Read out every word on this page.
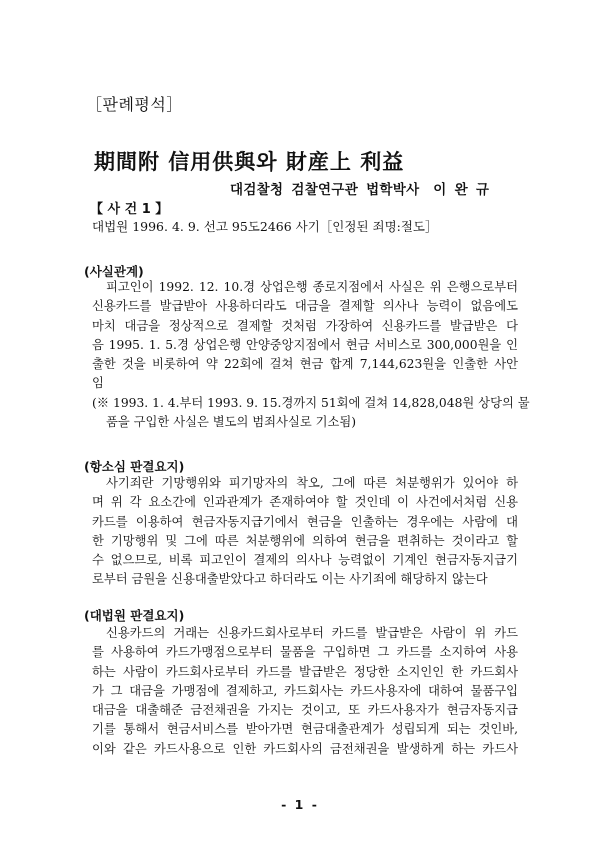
［판례평석］
期間附 信用供與와 財産上 利益
대검찰청 검찰연구관 법학박사　이 완 규
【 사 건 1 】
대법원 1996. 4. 9. 선고 95도2466 사기［인정된 죄명:절도］
(사실관계)
피고인이 1992. 12. 10.경 상업은행 종로지점에서 사실은 위 은행으로부터
신용카드를 발급받아 사용하더라도 대금을 결제할 의사나 능력이 없음에도
마치 대금을 정상적으로 결제할 것처럼 가장하여 신용카드를 발급받은 다
음 1995. 1. 5.경 상업은행 안양중앙지점에서 현금 서비스로 300,000원을 인
출한 것을 비롯하여 약 22회에 걸쳐 현금 합계 7,144,623원을 인출한 사안
임
(※ 1993. 1. 4.부터 1993. 9. 15.경까지 51회에 걸쳐 14,828,048원 상당의 물
품을 구입한 사실은 별도의 범죄사실로 기소됨)
(항소심 판결요지)
사기죄란 기망행위와 피기망자의 착오, 그에 따른 처분행위가 있어야 하
며 위 각 요소간에 인과관계가 존재하여야 할 것인데 이 사건에서처럼 신용
카드를 이용하여 현금자동지급기에서 현금을 인출하는 경우에는 사람에 대
한 기망행위 및 그에 따른 처분행위에 의하여 현금을 편취하는 것이라고 할
수 없으므로, 비록 피고인이 결제의 의사나 능력없이 기계인 현금자동지급기
로부터 금원을 신용대출받았다고 하더라도 이는 사기죄에 해당하지 않는다
(대법원 판결요지)
신용카드의 거래는 신용카드회사로부터 카드를 발급받은 사람이 위 카드
를 사용하여 카드가맹점으로부터 물품을 구입하면 그 카드를 소지하여 사용
하는 사람이 카드회사로부터 카드를 발급받은 정당한 소지인인 한 카드회사
가 그 대금을 가맹점에 결제하고, 카드회사는 카드사용자에 대하여 물품구입
대금을 대출해준 금전채권을 가지는 것이고, 또 카드사용자가 현금자동지급
기를 통해서 현금서비스를 받아가면 현금대출관계가 성립되게 되는 것인바,
이와 같은 카드사용으로 인한 카드회사의 금전채권을 발생하게 하는 카드사
- 1 -
